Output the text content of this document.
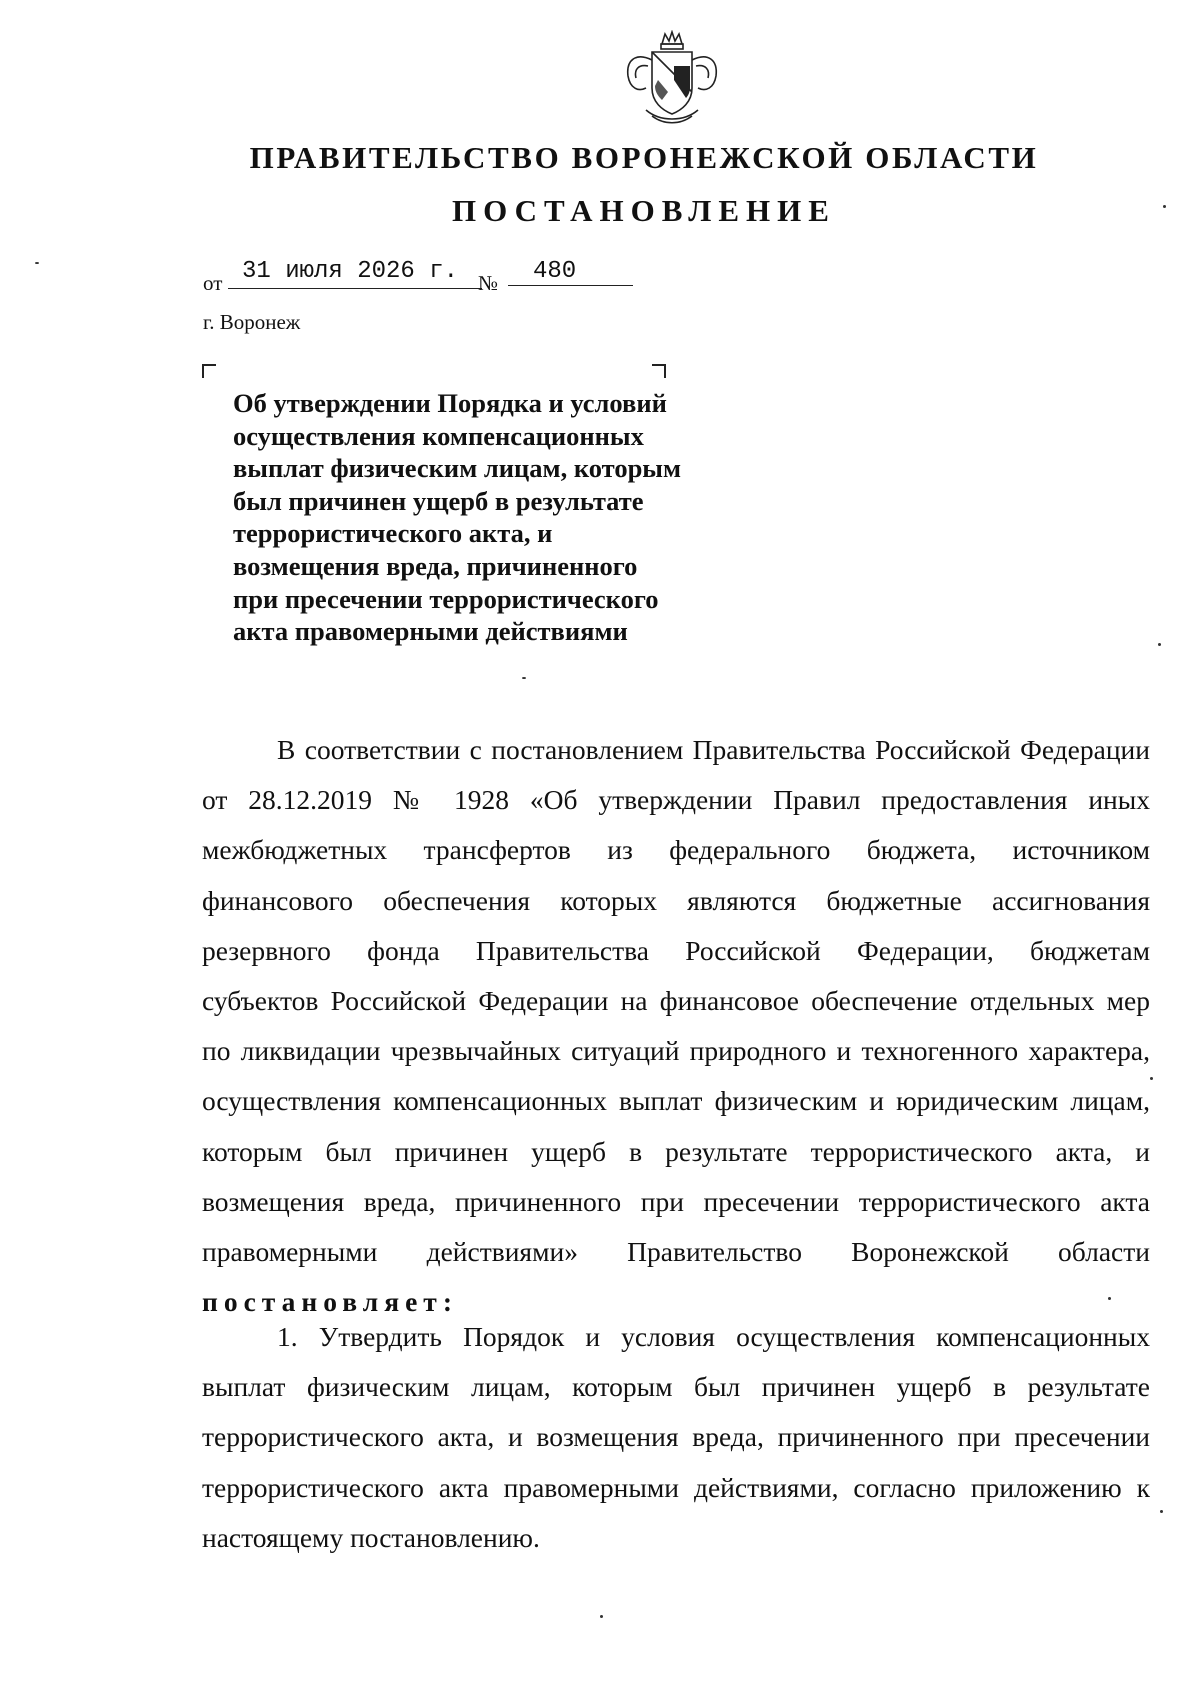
ПРАВИТЕЛЬСТВО ВОРОНЕЖСКОЙ ОБЛАСТИ
ПОСТАНОВЛЕНИЕ
от 31 июля 2026 г. №	480
г. Воронеж
Об утверждении Порядка и условий
осуществления компенсационных
выплат физическим лицам, которым
был причинен ущерб в результате
террористического акта, и
возмещения вреда, причиненного
при пресечении террористического
акта правомерными действиями
В соответствии с постановлением Правительства Российской Федерации
от 28.12.2019 № 1928 «Об утверждении Правил предоставления иных
межбюджетных трансфертов из федерального бюджета, источником
финансового обеспечения которых являются бюджетные ассигнования
резервного фонда Правительства Российской Федерации, бюджетам
субъектов Российской Федерации на финансовое обеспечение отдельных мер
по ликвидации чрезвычайных ситуаций природного и техногенного характера,
осуществления компенсационных выплат физическим и юридическим лицам,
которым был причинен ущерб в результате террористического акта, и
возмещения вреда, причиненного при пресечении террористического акта
правомерными действиями» Правительство Воронежской области
постановляет:
1. Утвердить Порядок и условия осуществления компенсационных
выплат физическим лицам, которым был причинен ущерб в результате
террористического акта, и возмещения вреда, причиненного при пресечении
террористического акта правомерными действиями, согласно приложению к
настоящему постановлению.
